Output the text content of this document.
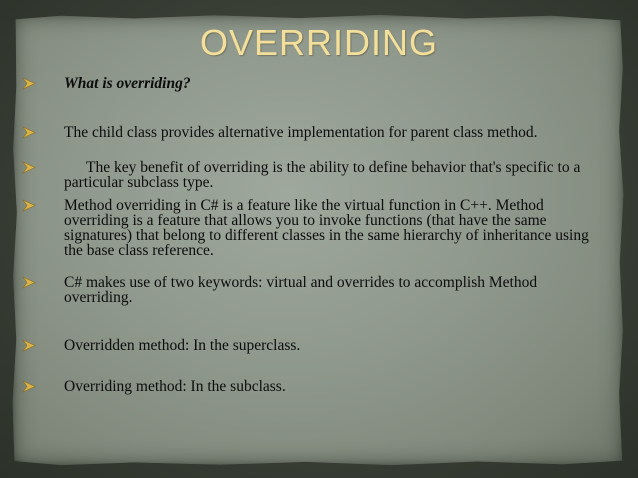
OVERRIDING
What is overriding?
The child class provides alternative implementation for parent class method.
The key benefit of overriding is the ability to define behavior that's specific to a particular subclass type.
Method overriding in C# is a feature like the virtual function in C++. Method overriding is a feature that allows you to invoke functions (that have the same signatures) that belong to different classes in the same hierarchy of inheritance using the base class reference.
C# makes use of two keywords: virtual and overrides to accomplish Method overriding.
Overridden method: In the superclass.
Overriding method: In the subclass.
